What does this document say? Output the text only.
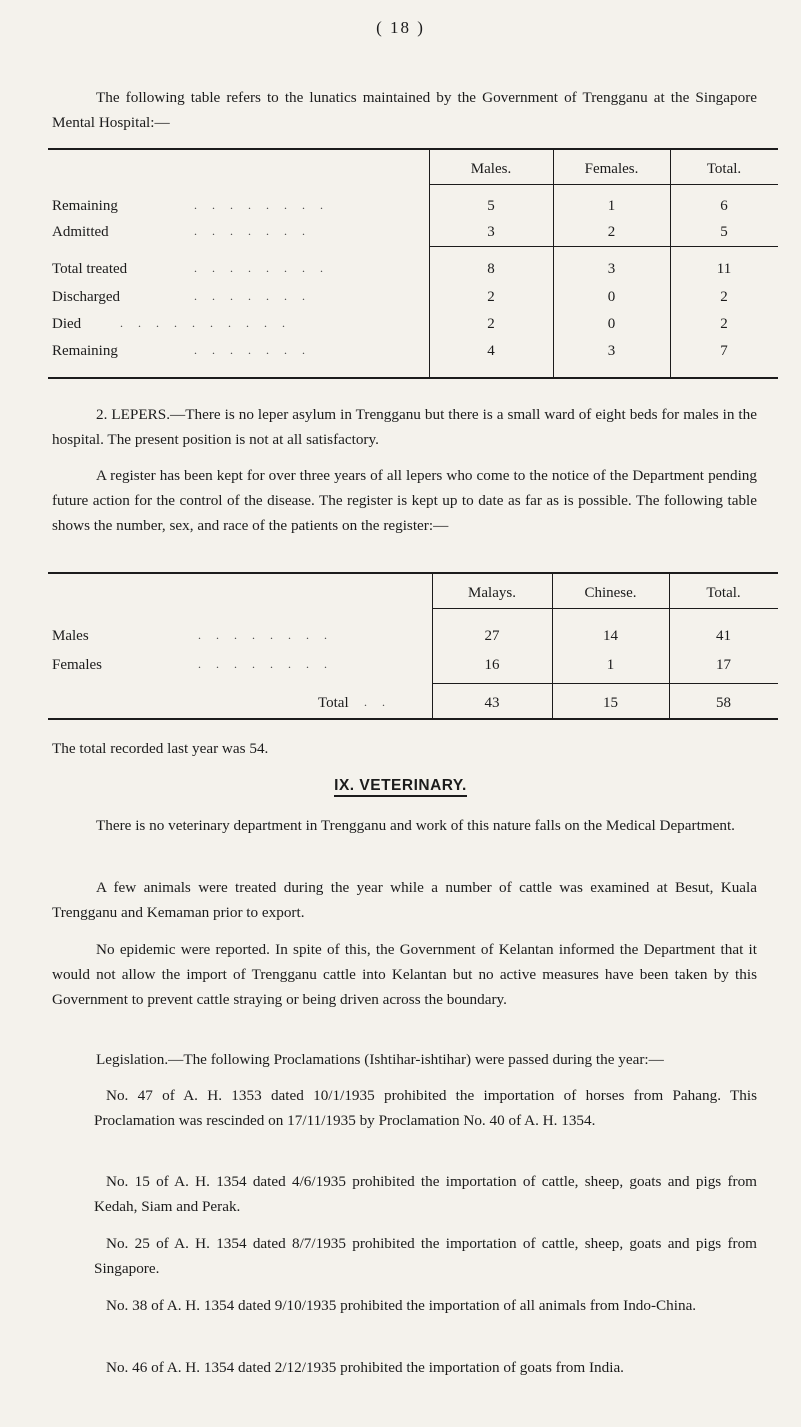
( 18 )

The following table refers to the lunatics maintained by the Government of Trengganu at the Singapore Mental Hospital:—

Males.	Females.	Total.
Remaining	. . . . . . . .	5	1	6
Admitted	. . . . . . .	3	2	5
Total treated	. . . . . . . .	8	3	11
Discharged	. . . . . . .	2	0	2
Died	. . . . . . . . . .	2	0	2
Remaining	. . . . . . .	4	3	7

2. LEPERS.—There is no leper asylum in Trengganu but there is a small ward of eight beds for males in the hospital. The present position is not at all satisfactory.

A register has been kept for over three years of all lepers who come to the notice of the Department pending future action for the control of the disease. The register is kept up to date as far as is possible. The following table shows the number, sex, and race of the patients on the register:—

Malays.	Chinese.	Total.
Males	. . . . . . . .	27	14	41
Females	. . . . . . . .	16	1	17
Total . .	43	15	58

The total recorded last year was 54.

IX. VETERINARY.

There is no veterinary department in Trengganu and work of this nature falls on the Medical Department.

A few animals were treated during the year while a number of cattle was examined at Besut, Kuala Trengganu and Kemaman prior to export.

No epidemic were reported. In spite of this, the Government of Kelantan informed the Department that it would not allow the import of Trengganu cattle into Kelantan but no active measures have been taken by this Government to prevent cattle straying or being driven across the boundary.

Legislation.—The following Proclamations (Ishtihar-ishtihar) were passed during the year:—

No. 47 of A. H. 1353 dated 10/1/1935 prohibited the importation of horses from Pahang. This Proclamation was rescinded on 17/11/1935 by Proclamation No. 40 of A. H. 1354.

No. 15 of A. H. 1354 dated 4/6/1935 prohibited the importation of cattle, sheep, goats and pigs from Kedah, Siam and Perak.

No. 25 of A. H. 1354 dated 8/7/1935 prohibited the importation of cattle, sheep, goats and pigs from Singapore.

No. 38 of A. H. 1354 dated 9/10/1935 prohibited the importation of all animals from Indo-China.

No. 46 of A. H. 1354 dated 2/12/1935 prohibited the importation of goats from India.
